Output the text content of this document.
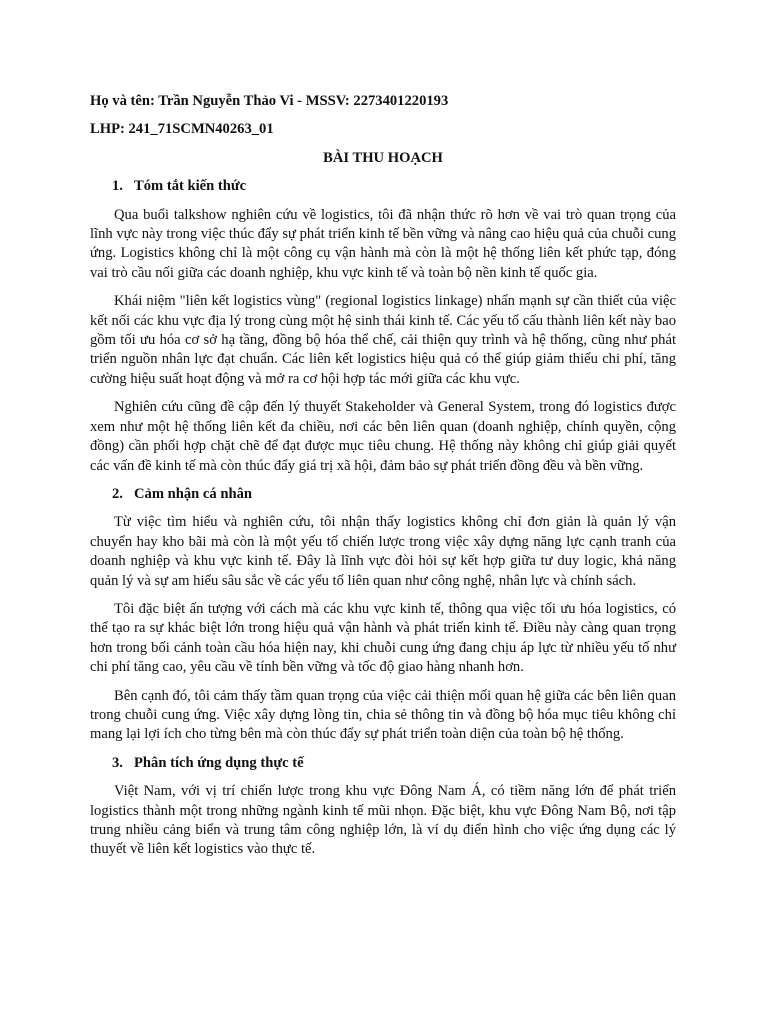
Họ và tên: Trần Nguyễn Thảo Vi - MSSV: 2273401220193
LHP: 241_71SCMN40263_01
BÀI THU HOẠCH
1. Tóm tắt kiến thức

Qua buổi talkshow nghiên cứu về logistics, tôi đã nhận thức rõ hơn về vai trò quan trọng của lĩnh vực này trong việc thúc đẩy sự phát triển kinh tế bền vững và nâng cao hiệu quả của chuỗi cung ứng. Logistics không chỉ là một công cụ vận hành mà còn là một hệ thống liên kết phức tạp, đóng vai trò cầu nối giữa các doanh nghiệp, khu vực kinh tế và toàn bộ nền kinh tế quốc gia.

Khái niệm "liên kết logistics vùng" (regional logistics linkage) nhấn mạnh sự cần thiết của việc kết nối các khu vực địa lý trong cùng một hệ sinh thái kinh tế. Các yếu tố cấu thành liên kết này bao gồm tối ưu hóa cơ sở hạ tầng, đồng bộ hóa thể chế, cải thiện quy trình và hệ thống, cũng như phát triển nguồn nhân lực đạt chuẩn. Các liên kết logistics hiệu quả có thể giúp giảm thiểu chi phí, tăng cường hiệu suất hoạt động và mở ra cơ hội hợp tác mới giữa các khu vực.

Nghiên cứu cũng đề cập đến lý thuyết Stakeholder và General System, trong đó logistics được xem như một hệ thống liên kết đa chiều, nơi các bên liên quan (doanh nghiệp, chính quyền, cộng đồng) cần phối hợp chặt chẽ để đạt được mục tiêu chung. Hệ thống này không chỉ giúp giải quyết các vấn đề kinh tế mà còn thúc đẩy giá trị xã hội, đảm bảo sự phát triển đồng đều và bền vững.

2. Cảm nhận cá nhân

Từ việc tìm hiểu và nghiên cứu, tôi nhận thấy logistics không chỉ đơn giản là quản lý vận chuyển hay kho bãi mà còn là một yếu tố chiến lược trong việc xây dựng năng lực cạnh tranh của doanh nghiệp và khu vực kinh tế. Đây là lĩnh vực đòi hỏi sự kết hợp giữa tư duy logic, khả năng quản lý và sự am hiểu sâu sắc về các yếu tố liên quan như công nghệ, nhân lực và chính sách.

Tôi đặc biệt ấn tượng với cách mà các khu vực kinh tế, thông qua việc tối ưu hóa logistics, có thể tạo ra sự khác biệt lớn trong hiệu quả vận hành và phát triển kinh tế. Điều này càng quan trọng hơn trong bối cảnh toàn cầu hóa hiện nay, khi chuỗi cung ứng đang chịu áp lực từ nhiều yếu tố như chi phí tăng cao, yêu cầu về tính bền vững và tốc độ giao hàng nhanh hơn.

Bên cạnh đó, tôi cảm thấy tầm quan trọng của việc cải thiện mối quan hệ giữa các bên liên quan trong chuỗi cung ứng. Việc xây dựng lòng tin, chia sẻ thông tin và đồng bộ hóa mục tiêu không chỉ mang lại lợi ích cho từng bên mà còn thúc đẩy sự phát triển toàn diện của toàn bộ hệ thống.

3. Phân tích ứng dụng thực tế

Việt Nam, với vị trí chiến lược trong khu vực Đông Nam Á, có tiềm năng lớn để phát triển logistics thành một trong những ngành kinh tế mũi nhọn. Đặc biệt, khu vực Đông Nam Bộ, nơi tập trung nhiều cảng biển và trung tâm công nghiệp lớn, là ví dụ điển hình cho việc ứng dụng các lý thuyết về liên kết logistics vào thực tế.
